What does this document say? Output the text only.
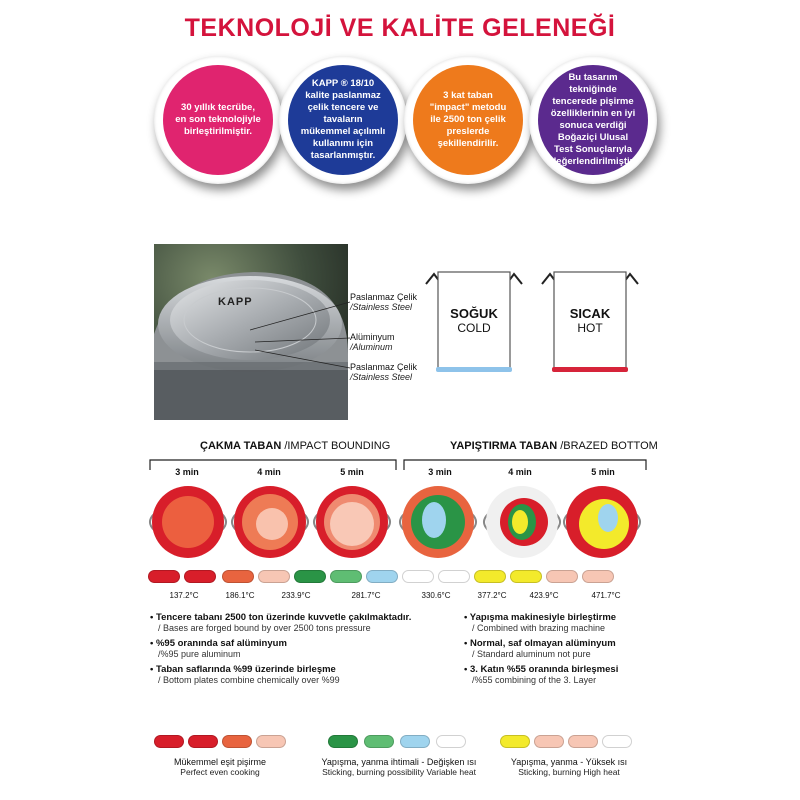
TEKNOLOJİ VE KALİTE GELENEĞİ
30 yıllık tecrübe, en son teknolojiyle birleştirilmiştir.
KAPP ® 18/10 kalite paslanmaz çelik tencere ve tavaların mükemmel açılımlı kullanımı için tasarlanmıştır.
3 kat taban "impact" metodu ile 2500 ton çelik preslerde şekillendirilir.
Bu tasarım tekniğinde tencerede pişirme özelliklerinin en iyi sonuca verdiği Boğaziçi Ulusal Test Sonuçlarıyla değerlendirilmiştir.
KAPP	Paslanmaz Çelik
/Stainless Steel
Alüminyum
/Aluminum
Paslanmaz Çelik
/Stainless Steel
SOĞUK
COLD
SICAK
HOT
ÇAKMA TABAN /IMPACT BOUNDING	YAPIŞTIRMA TABAN /BRAZED BOTTOM
3 min	4 min	5 min	3 min	4 min	5 min
137.2°C	186.1°C	233.9°C	281.7°C	330.6°C	377.2°C	423.9°C	471.7°C
• Tencere tabanı 2500 ton üzerinde kuvvetle çakılmaktadır.
/ Bases are forged bound by over 2500 tons pressure
• %95 oranında saf alüminyum
/%95 pure aluminum
• Taban saflarında %99 üzerinde birleşme
/ Bottom plates combine chemically over %99
• Yapışma makinesiyle birleştirme
/ Combined with brazing machine
• Normal, saf olmayan alüminyum
/ Standard aluminum not pure
• 3. Katın %55 oranında birleşmesi
/%55 combining of the 3. Layer
Mükemmel eşit pişirme
Perfect even cooking
Yapışma, yanma ihtimali - Değişken ısı
Sticking, burning possibility Variable heat
Yapışma, yanma - Yüksek ısı
Sticking, burning High heat
